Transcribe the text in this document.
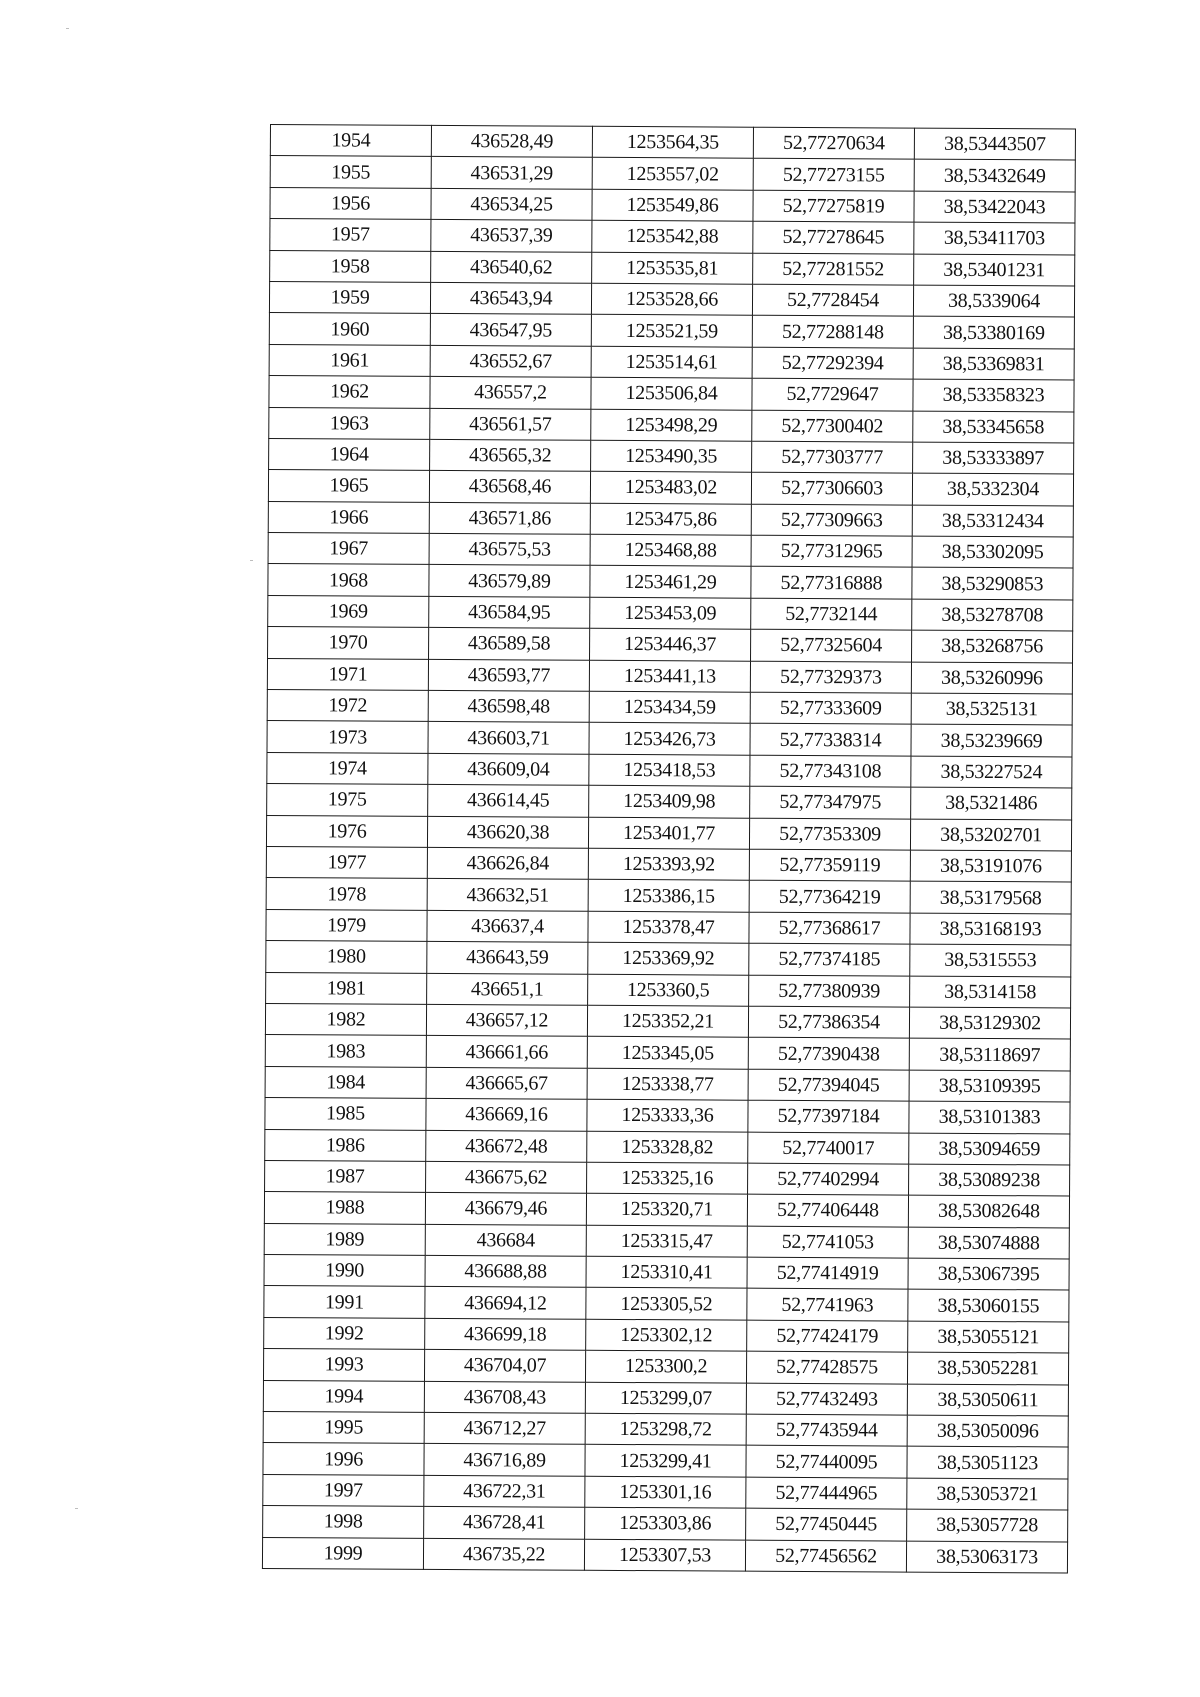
1954	436528,49	1253564,35	52,77270634	38,53443507
1955	436531,29	1253557,02	52,77273155	38,53432649
1956	436534,25	1253549,86	52,77275819	38,53422043
1957	436537,39	1253542,88	52,77278645	38,53411703
1958	436540,62	1253535,81	52,77281552	38,53401231
1959	436543,94	1253528,66	52,7728454	38,5339064
1960	436547,95	1253521,59	52,77288148	38,53380169
1961	436552,67	1253514,61	52,77292394	38,53369831
1962	436557,2	1253506,84	52,7729647	38,53358323
1963	436561,57	1253498,29	52,77300402	38,53345658
1964	436565,32	1253490,35	52,77303777	38,53333897
1965	436568,46	1253483,02	52,77306603	38,5332304
1966	436571,86	1253475,86	52,77309663	38,53312434
1967	436575,53	1253468,88	52,77312965	38,53302095
1968	436579,89	1253461,29	52,77316888	38,53290853
1969	436584,95	1253453,09	52,7732144	38,53278708
1970	436589,58	1253446,37	52,77325604	38,53268756
1971	436593,77	1253441,13	52,77329373	38,53260996
1972	436598,48	1253434,59	52,77333609	38,5325131
1973	436603,71	1253426,73	52,77338314	38,53239669
1974	436609,04	1253418,53	52,77343108	38,53227524
1975	436614,45	1253409,98	52,77347975	38,5321486
1976	436620,38	1253401,77	52,77353309	38,53202701
1977	436626,84	1253393,92	52,77359119	38,53191076
1978	436632,51	1253386,15	52,77364219	38,53179568
1979	436637,4	1253378,47	52,77368617	38,53168193
1980	436643,59	1253369,92	52,77374185	38,5315553
1981	436651,1	1253360,5	52,77380939	38,5314158
1982	436657,12	1253352,21	52,77386354	38,53129302
1983	436661,66	1253345,05	52,77390438	38,53118697
1984	436665,67	1253338,77	52,77394045	38,53109395
1985	436669,16	1253333,36	52,77397184	38,53101383
1986	436672,48	1253328,82	52,7740017	38,53094659
1987	436675,62	1253325,16	52,77402994	38,53089238
1988	436679,46	1253320,71	52,77406448	38,53082648
1989	436684	1253315,47	52,7741053	38,53074888
1990	436688,88	1253310,41	52,77414919	38,53067395
1991	436694,12	1253305,52	52,7741963	38,53060155
1992	436699,18	1253302,12	52,77424179	38,53055121
1993	436704,07	1253300,2	52,77428575	38,53052281
1994	436708,43	1253299,07	52,77432493	38,53050611
1995	436712,27	1253298,72	52,77435944	38,53050096
1996	436716,89	1253299,41	52,77440095	38,53051123
1997	436722,31	1253301,16	52,77444965	38,53053721
1998	436728,41	1253303,86	52,77450445	38,53057728
1999	436735,22	1253307,53	52,77456562	38,53063173
